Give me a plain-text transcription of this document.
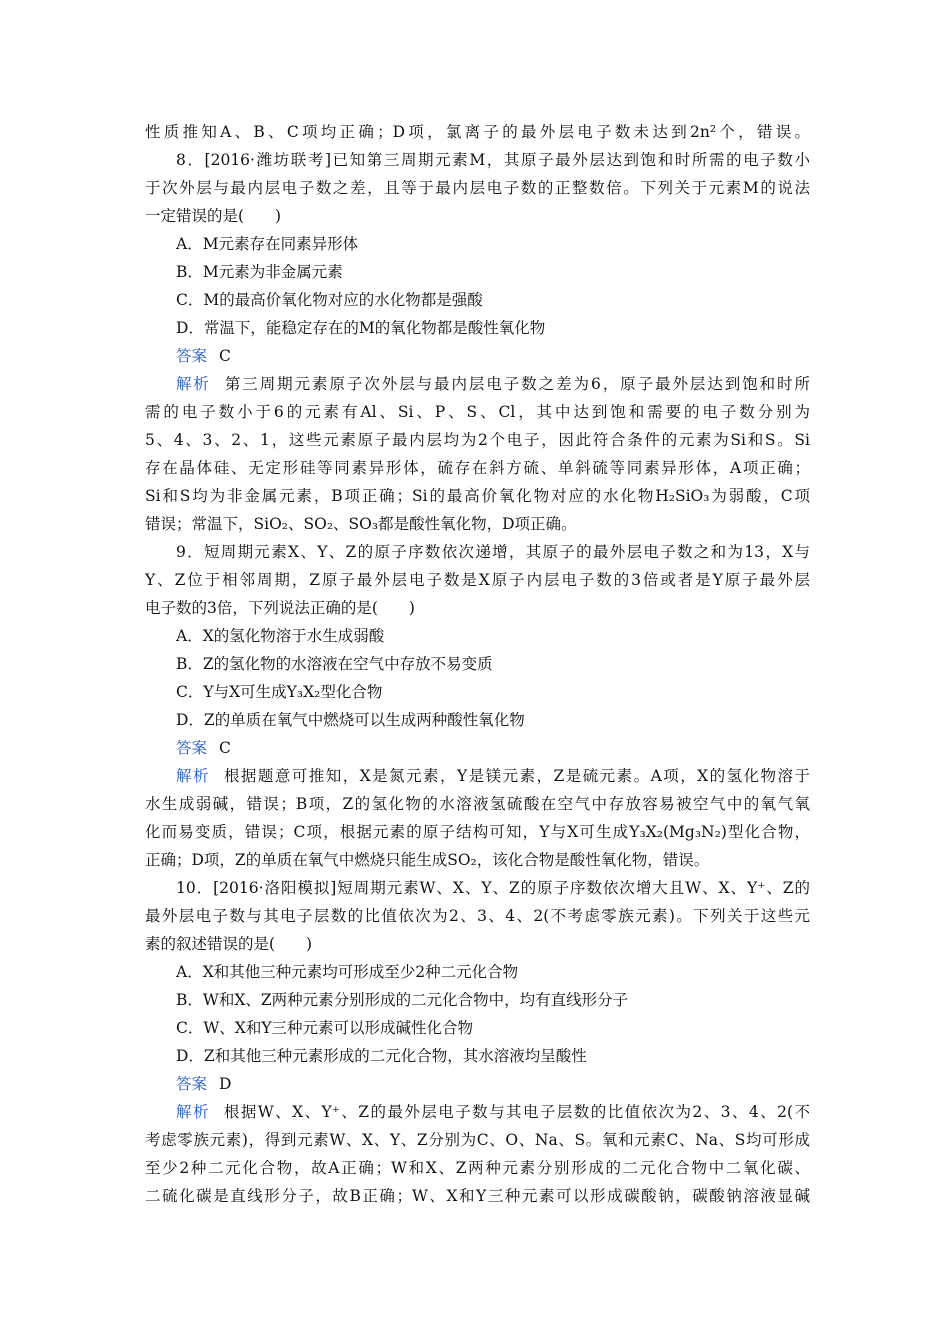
性质推知A、B、C项均正确；D项，氯离子的最外层电子数未达到2n²个，错误。
8．[2016·潍坊联考]已知第三周期元素M，其原子最外层达到饱和时所需的电子数小
于次外层与最内层电子数之差，且等于最内层电子数的正整数倍。下列关于元素M的说法
一定错误的是(　　)
A．M元素存在同素异形体
B．M元素为非金属元素
C．M的最高价氧化物对应的水化物都是强酸
D．常温下，能稳定存在的M的氧化物都是酸性氧化物
答案 C
解析 第三周期元素原子次外层与最内层电子数之差为6，原子最外层达到饱和时所
需的电子数小于6的元素有Al、Si、P、S、Cl，其中达到饱和需要的电子数分别为
5、4、3、2、1，这些元素原子最内层均为2个电子，因此符合条件的元素为Si和S。Si
存在晶体硅、无定形硅等同素异形体，硫存在斜方硫、单斜硫等同素异形体，A项正确；
Si和S均为非金属元素，B项正确；Si的最高价氧化物对应的水化物H₂SiO₃为弱酸，C项
错误；常温下，SiO₂、SO₂、SO₃都是酸性氧化物，D项正确。
9．短周期元素X、Y、Z的原子序数依次递增，其原子的最外层电子数之和为13，X与
Y、Z位于相邻周期，Z原子最外层电子数是X原子内层电子数的3倍或者是Y原子最外层
电子数的3倍，下列说法正确的是(　　)
A．X的氢化物溶于水生成弱酸
B．Z的氢化物的水溶液在空气中存放不易变质
C．Y与X可生成Y₃X₂型化合物
D．Z的单质在氧气中燃烧可以生成两种酸性氧化物
答案 C
解析 根据题意可推知，X是氮元素，Y是镁元素，Z是硫元素。A项，X的氢化物溶于
水生成弱碱，错误；B项，Z的氢化物的水溶液氢硫酸在空气中存放容易被空气中的氧气氧
化而易变质，错误；C项，根据元素的原子结构可知，Y与X可生成Y₃X₂(Mg₃N₂)型化合物，
正确；D项，Z的单质在氧气中燃烧只能生成SO₂，该化合物是酸性氧化物，错误。
10．[2016·洛阳模拟]短周期元素W、X、Y、Z的原子序数依次增大且W、X、Y⁺、Z的
最外层电子数与其电子层数的比值依次为2、3、4、2(不考虑零族元素)。下列关于这些元
素的叙述错误的是(　　)
A．X和其他三种元素均可形成至少2种二元化合物
B．W和X、Z两种元素分别形成的二元化合物中，均有直线形分子
C．W、X和Y三种元素可以形成碱性化合物
D．Z和其他三种元素形成的二元化合物，其水溶液均呈酸性
答案 D
解析 根据W、X、Y⁺、Z的最外层电子数与其电子层数的比值依次为2、3、4、2(不
考虑零族元素)，得到元素W、X、Y、Z分别为C、O、Na、S。氧和元素C、Na、S均可形成
至少2种二元化合物，故A正确；W和X、Z两种元素分别形成的二元化合物中二氧化碳、
二硫化碳是直线形分子，故B正确；W、X和Y三种元素可以形成碳酸钠，碳酸钠溶液显碱
